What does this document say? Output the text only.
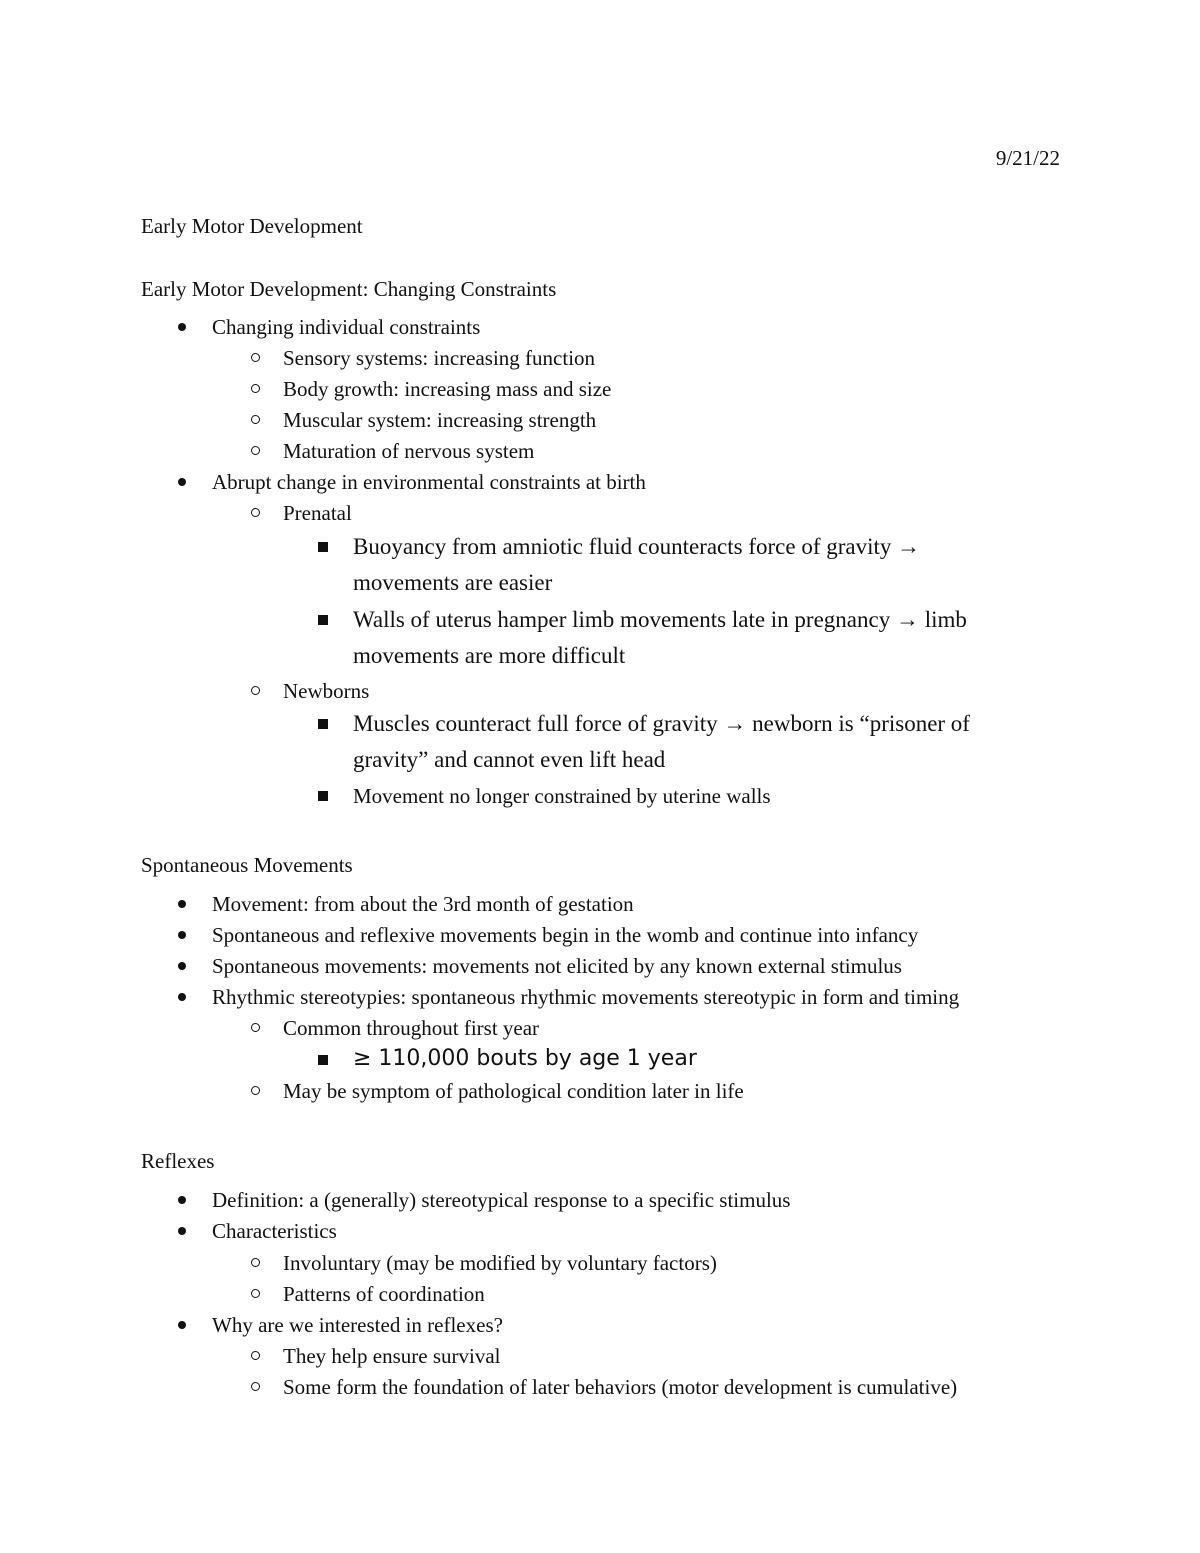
9/21/22
Early Motor Development
Early Motor Development: Changing Constraints
Changing individual constraints
Sensory systems: increasing function
Body growth: increasing mass and size
Muscular system: increasing strength
Maturation of nervous system
Abrupt change in environmental constraints at birth
Prenatal
Buoyancy from amniotic fluid counteracts force of gravity →
movements are easier
Walls of uterus hamper limb movements late in pregnancy → limb
movements are more difficult
Newborns
Muscles counteract full force of gravity → newborn is “prisoner of
gravity” and cannot even lift head
Movement no longer constrained by uterine walls
Spontaneous Movements
Movement: from about the 3rd month of gestation
Spontaneous and reflexive movements begin in the womb and continue into infancy
Spontaneous movements: movements not elicited by any known external stimulus
Rhythmic stereotypies: spontaneous rhythmic movements stereotypic in form and timing
Common throughout first year
≥ 110,000 bouts by age 1 year
May be symptom of pathological condition later in life
Reflexes
Definition: a (generally) stereotypical response to a specific stimulus
Characteristics
Involuntary (may be modified by voluntary factors)
Patterns of coordination
Why are we interested in reflexes?
They help ensure survival
Some form the foundation of later behaviors (motor development is cumulative)
